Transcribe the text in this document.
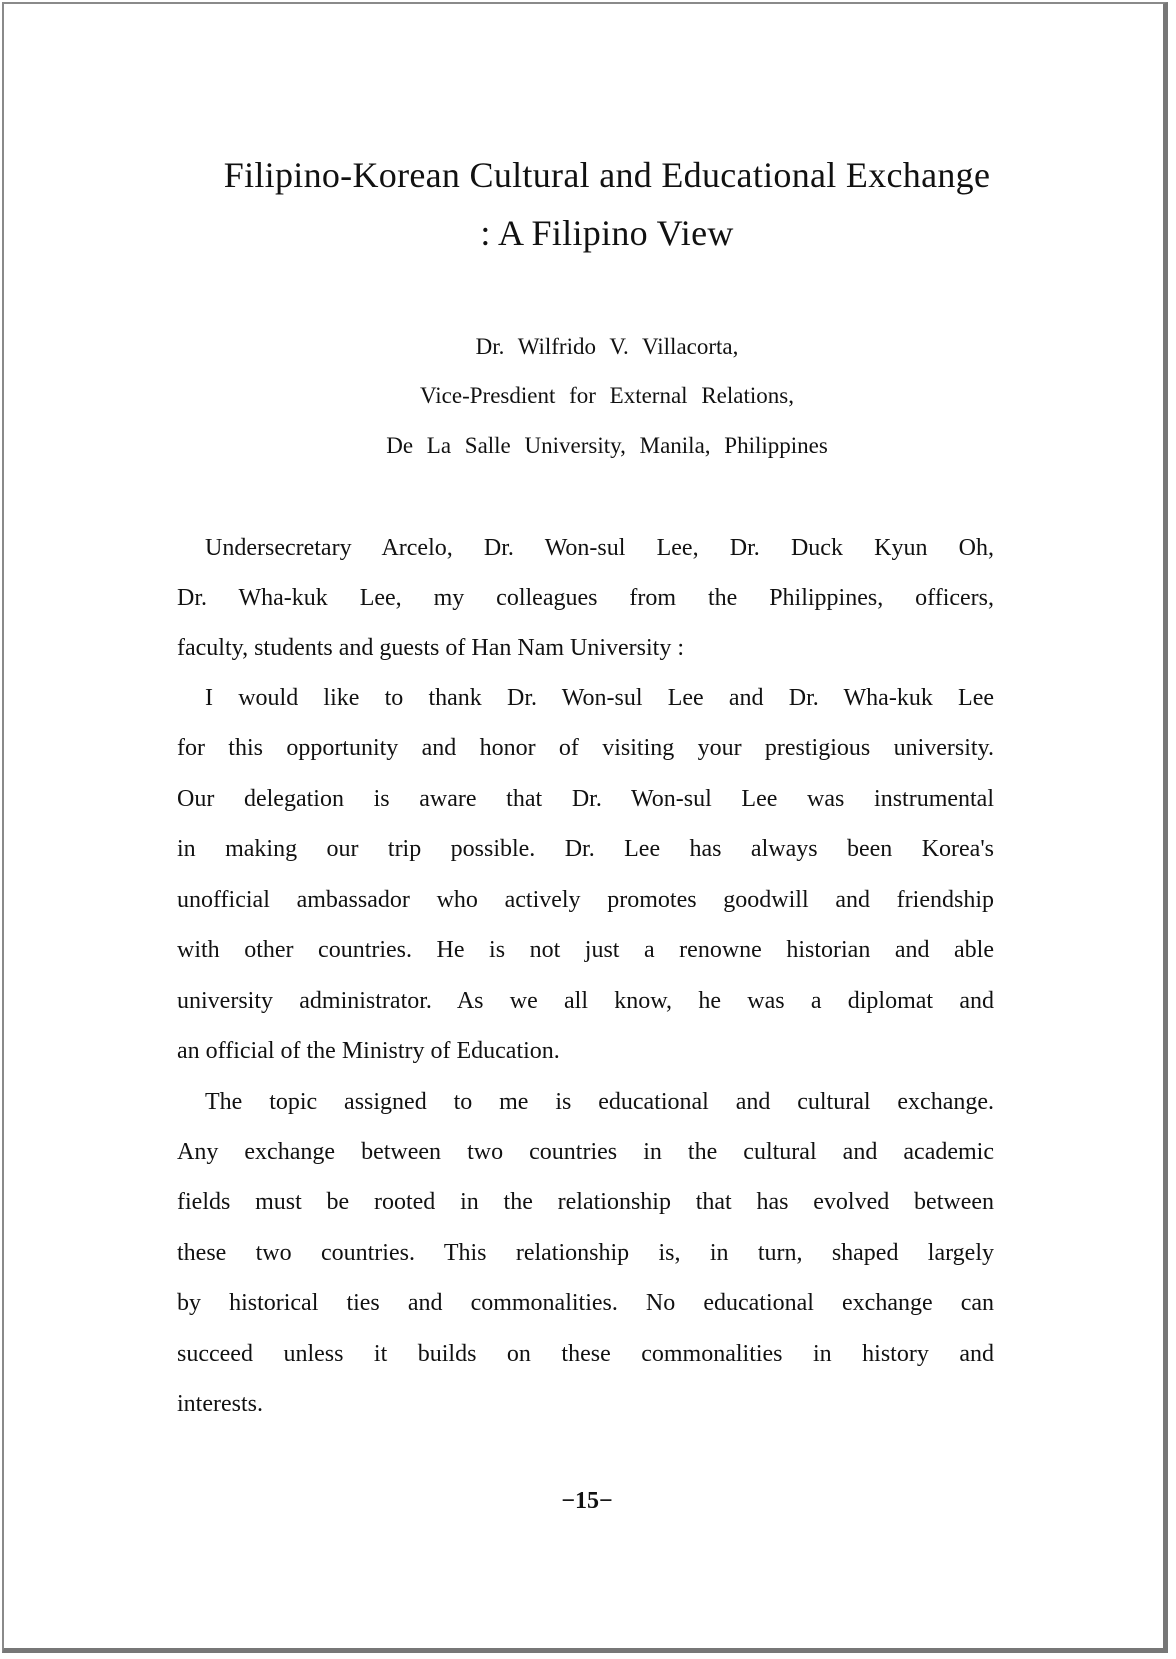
Filipino-Korean Cultural and Educational Exchange
: A Filipino View
Dr. Wilfrido V. Villacorta,
Vice-Presdient for External Relations,
De La Salle University, Manila, Philippines
Undersecretary Arcelo, Dr. Won-sul Lee, Dr. Duck Kyun Oh,
Dr. Wha-kuk Lee, my colleagues from the Philippines, officers,
faculty, students and guests of Han Nam University :
I would like to thank Dr. Won-sul Lee and Dr. Wha-kuk Lee
for this opportunity and honor of visiting your prestigious university.
Our delegation is aware that Dr. Won-sul Lee was instrumental
in making our trip possible. Dr. Lee has always been Korea's
unofficial ambassador who actively promotes goodwill and friendship
with other countries. He is not just a renowne historian and able
university administrator. As we all know, he was a diplomat and
an official of the Ministry of Education.
The topic assigned to me is educational and cultural exchange.
Any exchange between two countries in the cultural and academic
fields must be rooted in the relationship that has evolved between
these two countries. This relationship is, in turn, shaped largely
by historical ties and commonalities. No educational exchange can
succeed unless it builds on these commonalities in history and
interests.
−15−
